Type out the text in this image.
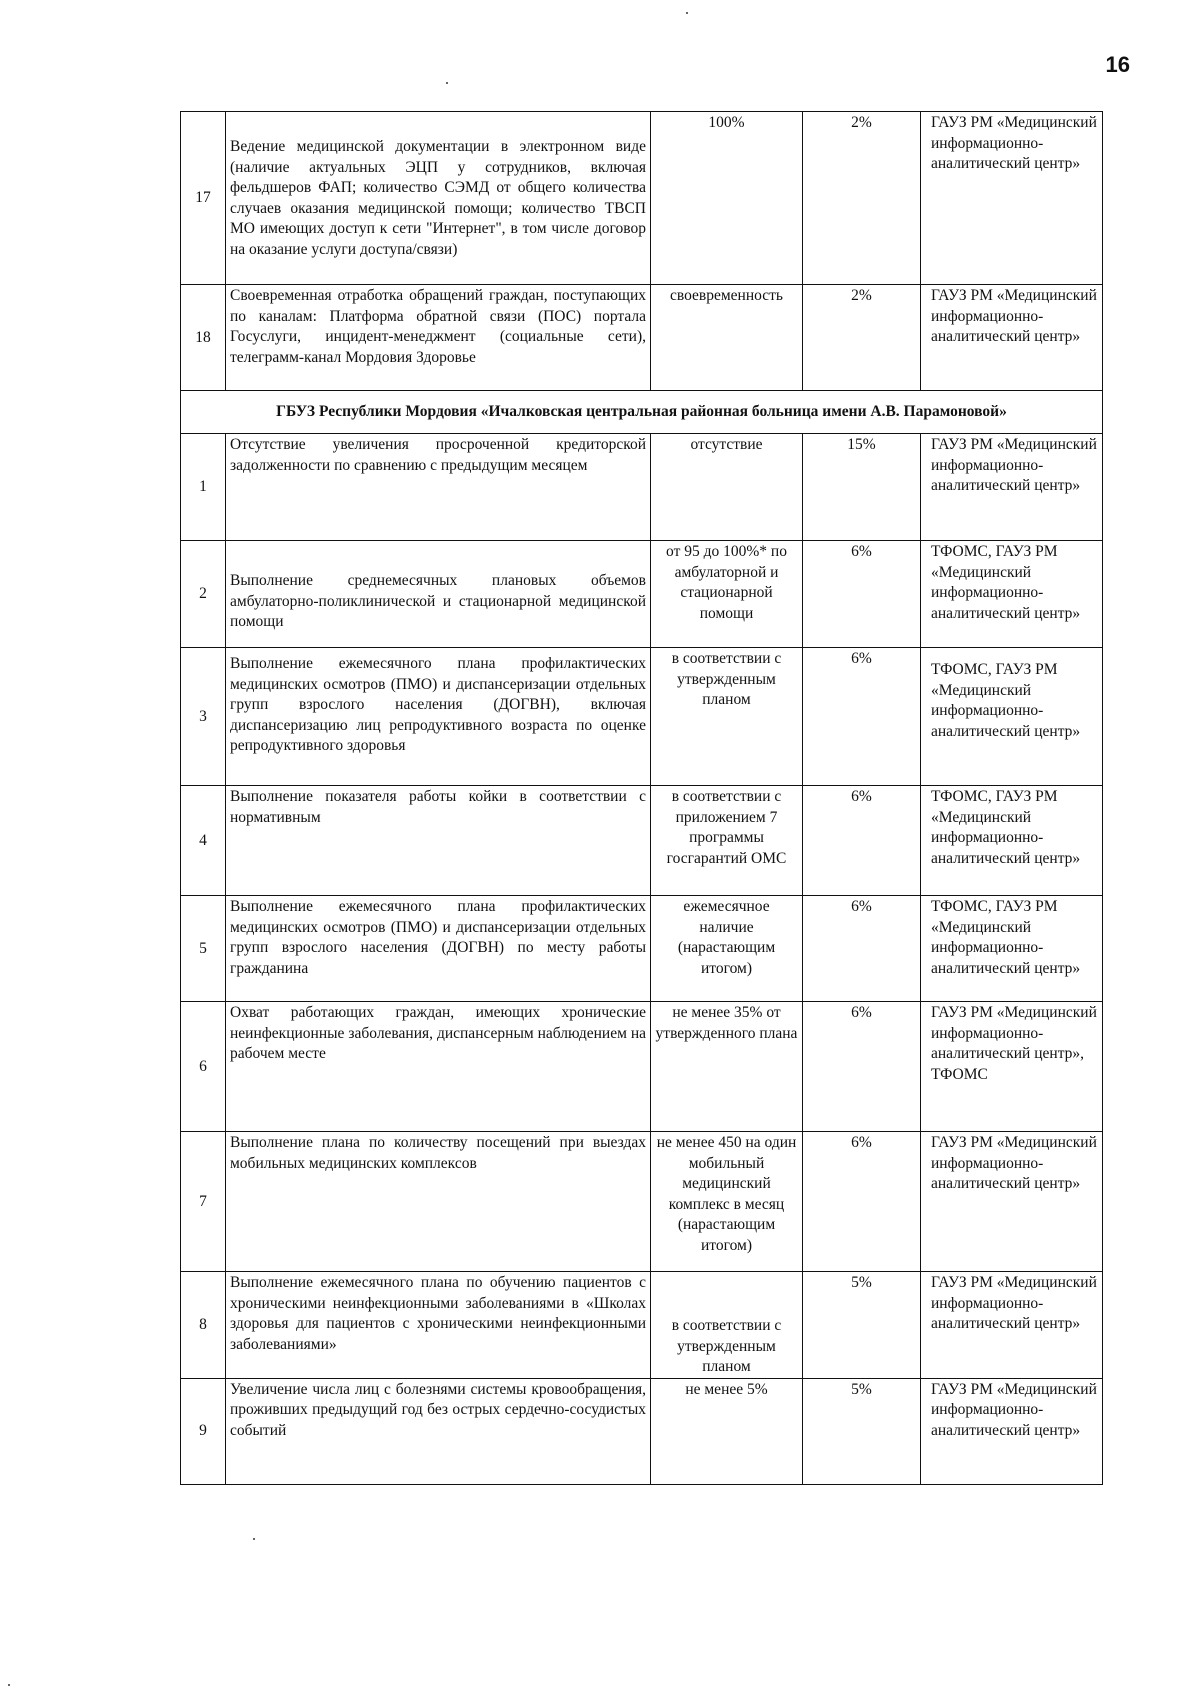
16
17	Ведение медицинской документации в электронном виде (наличие актуальных ЭЦП у сотрудников, включая фельдшеров ФАП; количество СЭМД от общего количества случаев оказания медицинской помощи; количество ТВСП МО имеющих доступ к сети "Интернет", в том числе договор на оказание услуги доступа/связи)	100%	2%	ГАУЗ РМ «Медицинский информационно-аналитический центр»
18	Своевременная отработка обращений граждан, поступающих по каналам: Платформа обратной связи (ПОС) портала Госуслуги, инцидент-менеджмент (социальные сети), телеграмм-канал Мордовия Здоровье	своевременность	2%	ГАУЗ РМ «Медицинский информационно-аналитический центр»
ГБУЗ Республики Мордовия «Ичалковская центральная районная больница имени А.В. Парамоновой»				
1	Отсутствие увеличения просроченной кредиторской задолженности по сравнению с предыдущим месяцем	отсутствие	15%	ГАУЗ РМ «Медицинский информационно-аналитический центр»
2	Выполнение среднемесячных плановых объемов амбулаторно-поликлинической и стационарной медицинской помощи	от 95 до 100%* по амбулаторной и стационарной помощи	6%	ТФОМС, ГАУЗ РМ «Медицинский информационно-аналитический центр»
3	Выполнение ежемесячного плана профилактических медицинских осмотров (ПМО) и диспансеризации отдельных групп взрослого населения (ДОГВН), включая диспансеризацию лиц репродуктивного возраста по оценке репродуктивного здоровья	в соответствии с утвержденным планом	6%	ТФОМС, ГАУЗ РМ «Медицинский информационно-аналитический центр»
4	Выполнение показателя работы койки в соответствии с нормативным	в соответствии с приложением 7 программы госгарантий ОМС	6%	ТФОМС, ГАУЗ РМ «Медицинский информационно-аналитический центр»
5	Выполнение ежемесячного плана профилактических медицинских осмотров (ПМО) и диспансеризации отдельных групп взрослого населения (ДОГВН) по месту работы гражданина	ежемесячное наличие (нарастающим итогом)	6%	ТФОМС, ГАУЗ РМ «Медицинский информационно-аналитический центр»
6	Охват работающих граждан, имеющих хронические неинфекционные заболевания, диспансерным наблюдением на рабочем месте	не менее 35% от утвержденного плана	6%	ГАУЗ РМ «Медицинский информационно-аналитический центр», ТФОМС
7	Выполнение плана по количеству посещений при выездах мобильных медицинских комплексов	не менее 450 на один мобильный медицинский комплекс в месяц (нарастающим итогом)	6%	ГАУЗ РМ «Медицинский информационно-аналитический центр»
8	Выполнение ежемесячного плана по обучению пациентов с хроническими неинфекционными заболеваниями в «Школах здоровья для пациентов с хроническими неинфекционными заболеваниями»	в соответствии с утвержденным планом	5%	ГАУЗ РМ «Медицинский информационно-аналитический центр»
9	Увеличение числа лиц с болезнями системы кровообращения, проживших предыдущий год без острых сердечно-сосудистых событий	не менее 5%	5%	ГАУЗ РМ «Медицинский информационно-аналитический центр»
